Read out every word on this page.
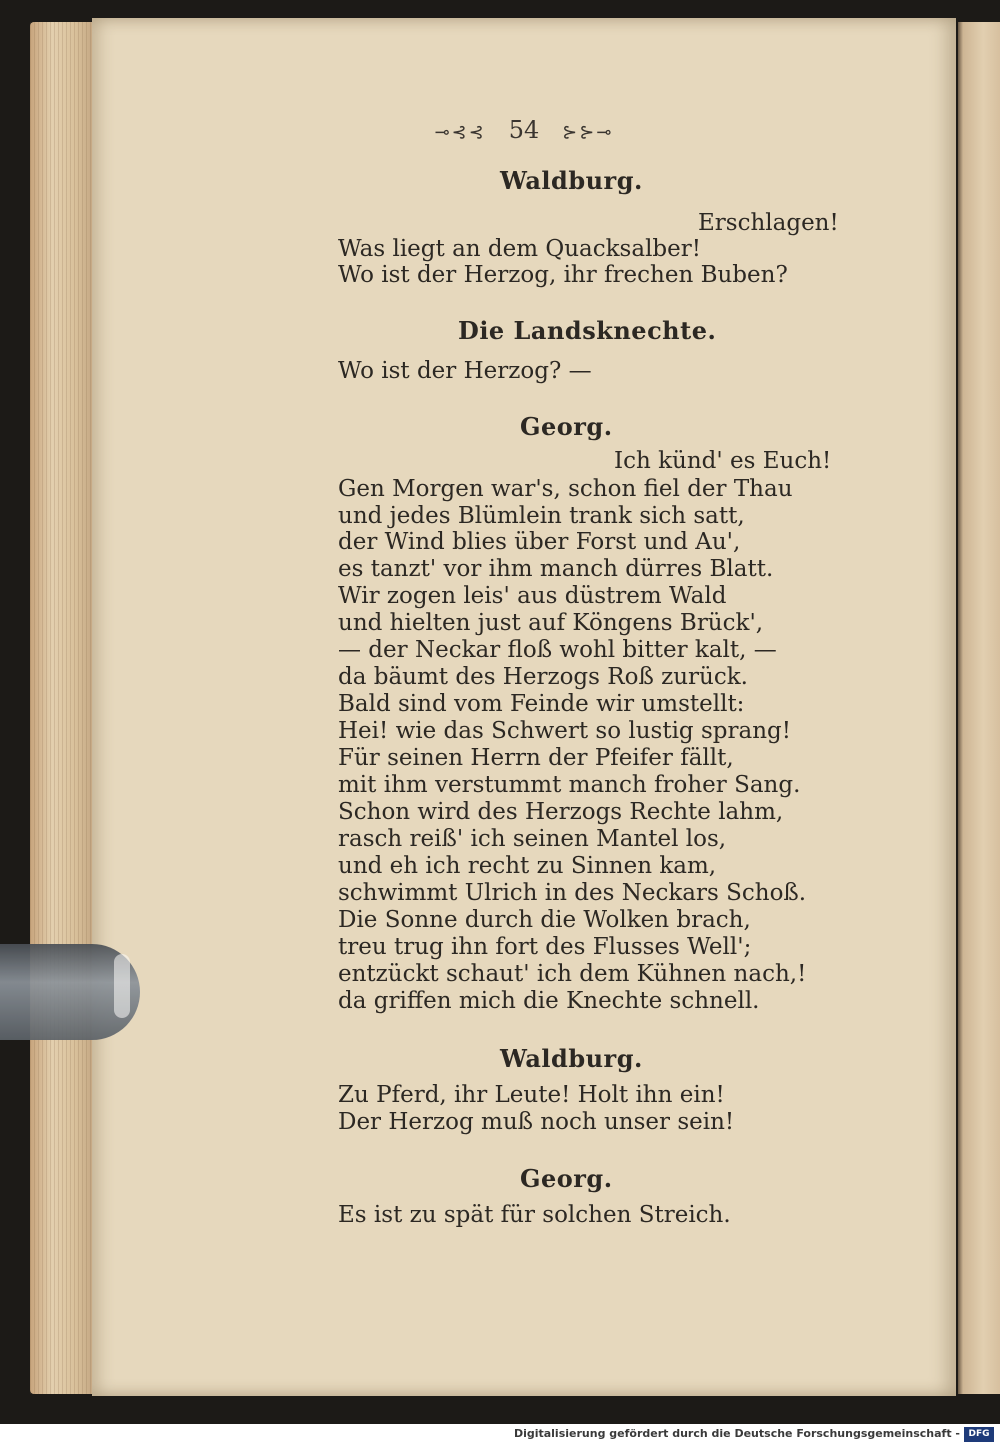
⊸⊰⊰ 54 ⊱⊱⊸
Waldburg.
Erschlagen!
Was liegt an dem Quacksalber!
Wo ist der Herzog, ihr frechen Buben?
Die Landsknechte.
Wo ist der Herzog? —
Georg.
Ich künd' es Euch!
Gen Morgen war's, schon fiel der Thau
und jedes Blümlein trank sich satt,
der Wind blies über Forst und Au',
es tanzt' vor ihm manch dürres Blatt.
Wir zogen leis' aus düstrem Wald
und hielten just auf Köngens Brück',
— der Neckar floß wohl bitter kalt, —
da bäumt des Herzogs Roß zurück.
Bald sind vom Feinde wir umstellt:
Hei! wie das Schwert so lustig sprang!
Für seinen Herrn der Pfeifer fällt,
mit ihm verstummt manch froher Sang.
Schon wird des Herzogs Rechte lahm,
rasch reiß' ich seinen Mantel los,
und eh ich recht zu Sinnen kam,
schwimmt Ulrich in des Neckars Schoß.
Die Sonne durch die Wolken brach,
treu trug ihn fort des Flusses Well';
entzückt schaut' ich dem Kühnen nach,!
da griffen mich die Knechte schnell.
Waldburg.
Zu Pferd, ihr Leute! Holt ihn ein!
Der Herzog muß noch unser sein!
Georg.
Es ist zu spät für solchen Streich.
Digitalisierung gefördert durch die Deutsche Forschungsgemeinschaft - DFG
